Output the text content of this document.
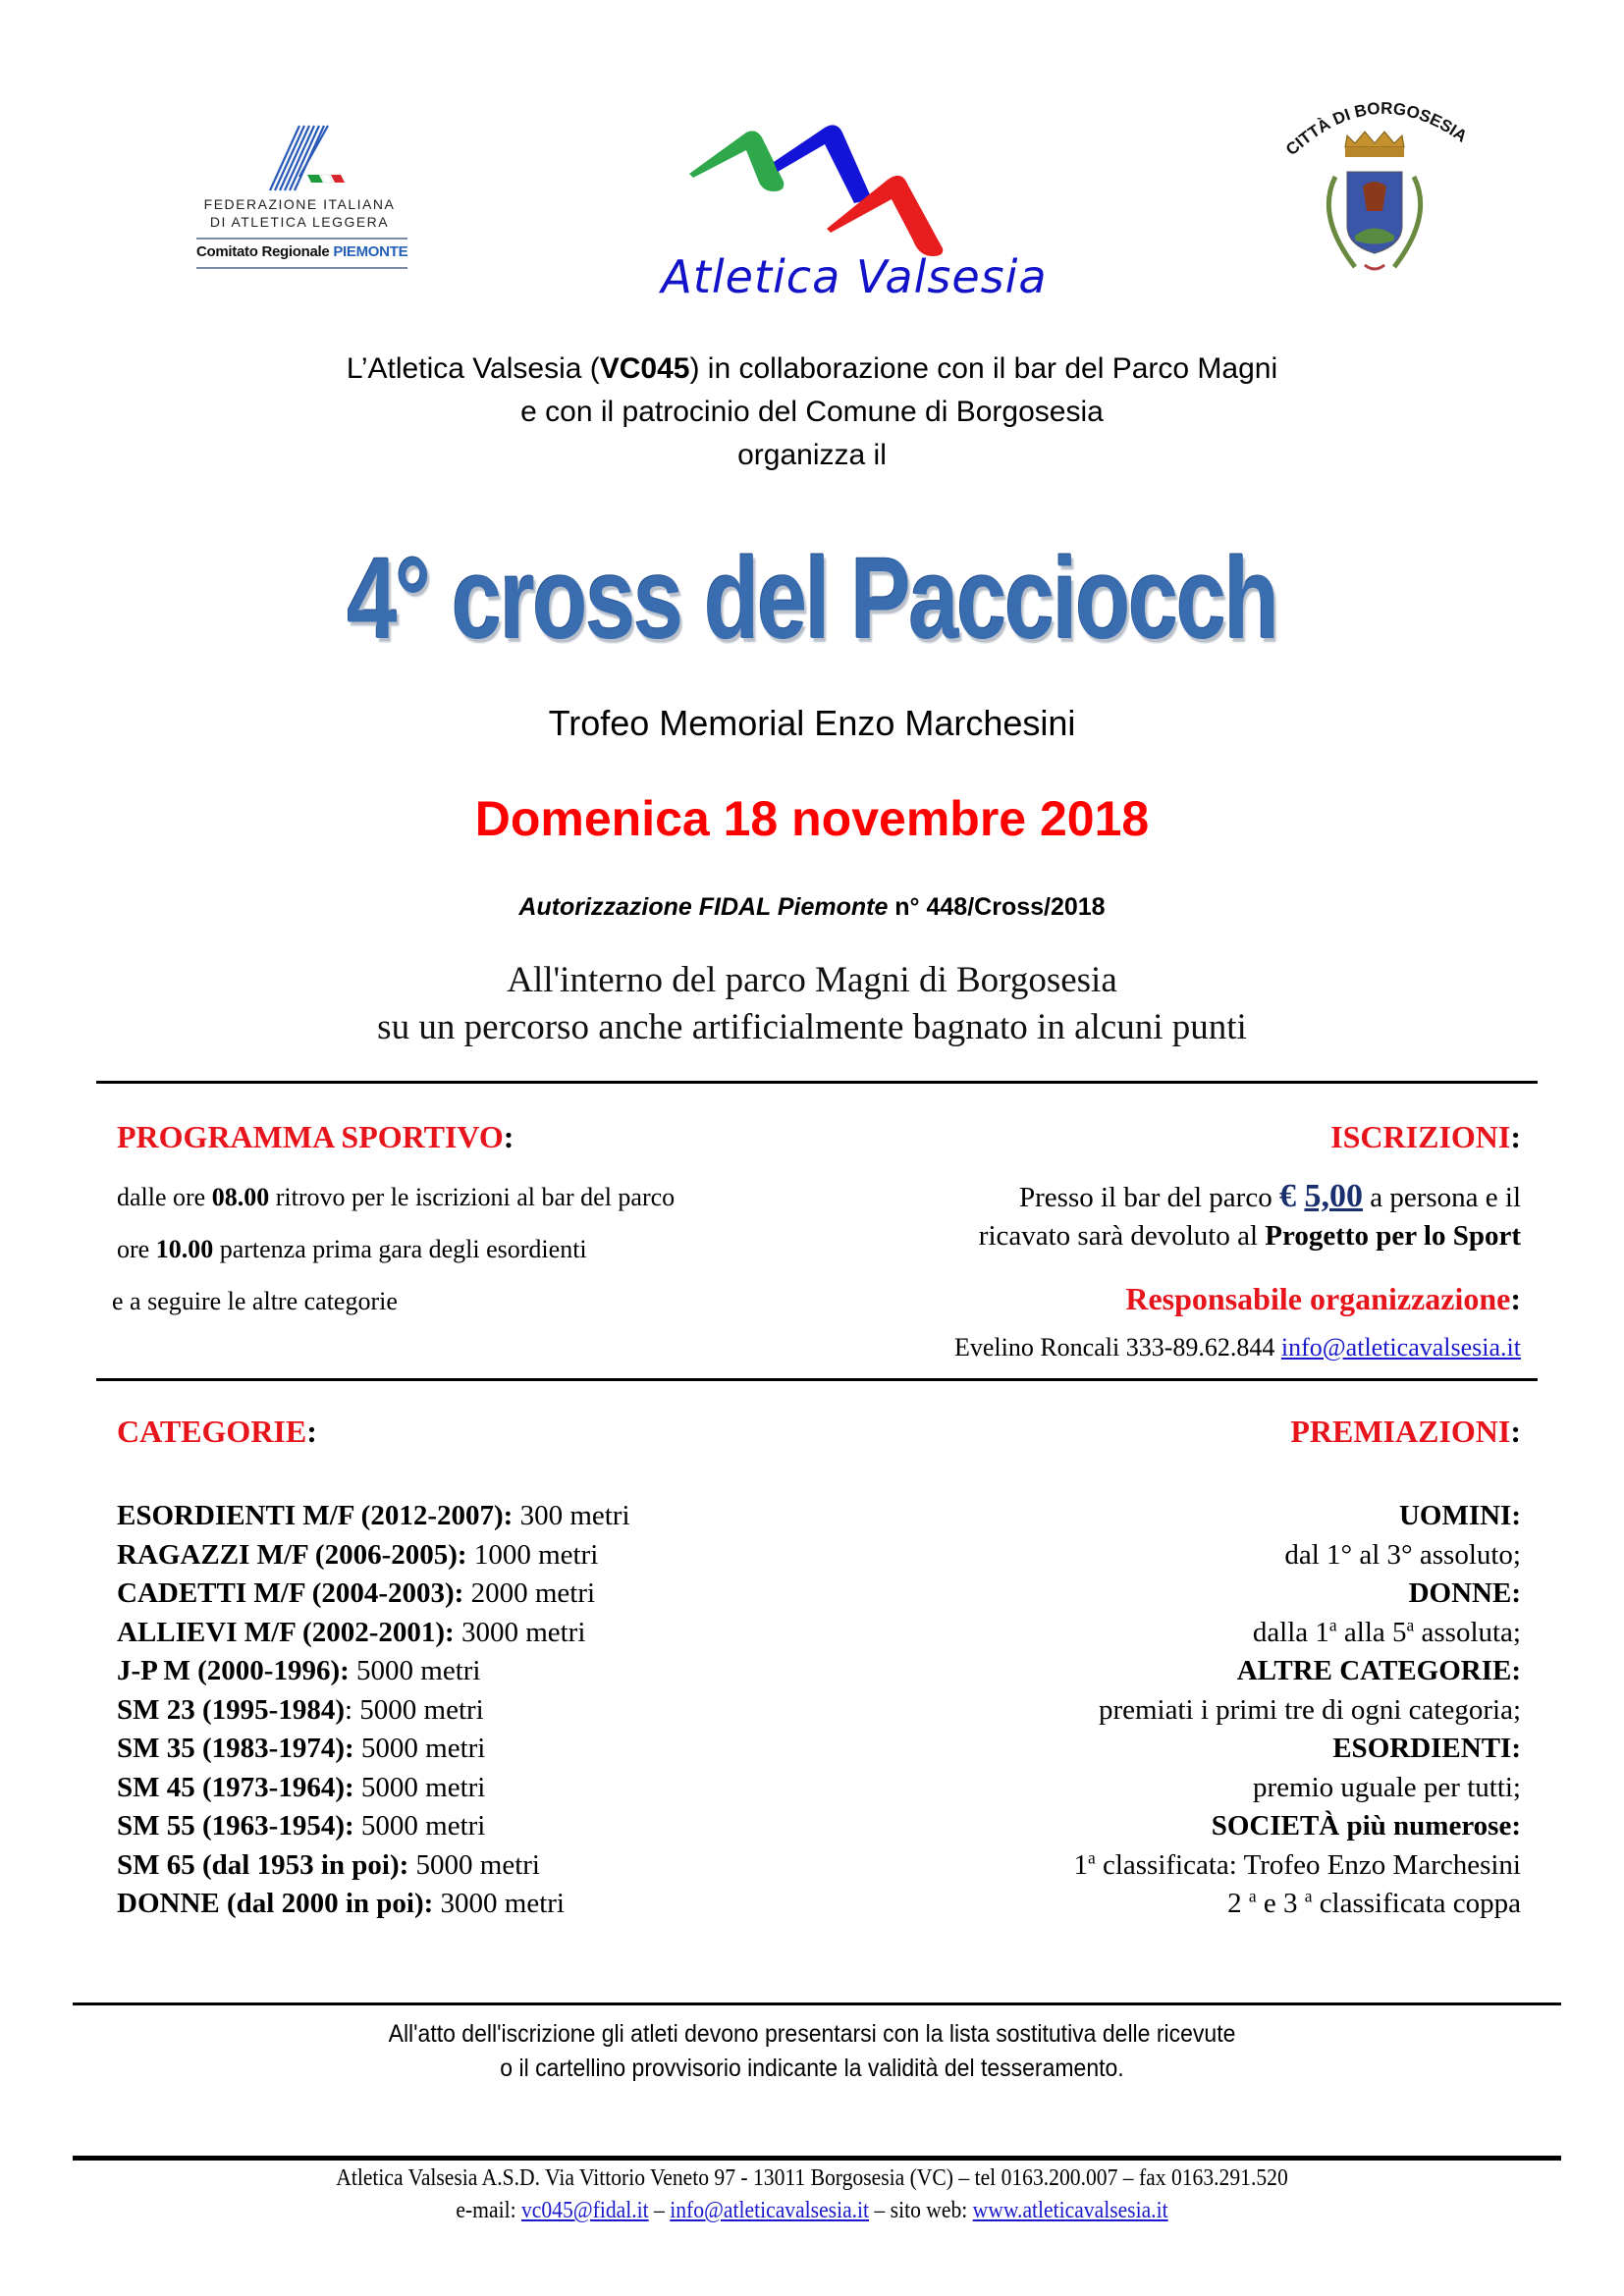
FEDERAZIONE ITALIANA
DI ATLETICA LEGGERA
Comitato Regionale PIEMONTE	Atletica Valsesia
CITTÀ DI BORGOSESIA
L’Atletica Valsesia (VC045) in collaborazione con il bar del Parco Magni
e con il patrocinio del Comune di Borgosesia
organizza il
4° cross del Pacciocch
Trofeo Memorial Enzo Marchesini
Domenica 18 novembre 2018
Autorizzazione FIDAL Piemonte n° 448/Cross/2018
All'interno del parco Magni di Borgosesia
su un percorso anche artificialmente bagnato in alcuni punti
PROGRAMMA SPORTIVO:
dalle ore 08.00 ritrovo per le iscrizioni al bar del parco
ore 10.00 partenza prima gara degli esordienti
e a seguire le altre categorie
ISCRIZIONI:
Presso il bar del parco € 5,00 a persona e il
ricavato sarà devoluto al Progetto per lo Sport
Responsabile organizzazione:
Evelino Roncali 333-89.62.844 info@atleticavalsesia.it
CATEGORIE:
ESORDIENTI M/F (2012-2007): 300 metri
RAGAZZI M/F (2006-2005): 1000 metri
CADETTI M/F (2004-2003): 2000 metri
ALLIEVI M/F (2002-2001): 3000 metri
J-P M (2000-1996): 5000 metri
SM 23 (1995-1984): 5000 metri
SM 35 (1983-1974): 5000 metri
SM 45 (1973-1964): 5000 metri
SM 55 (1963-1954): 5000 metri
SM 65 (dal 1953 in poi): 5000 metri
DONNE (dal 2000 in poi): 3000 metri
PREMIAZIONI:
UOMINI:
dal 1° al 3° assoluto;
DONNE:
dalla 1$^a$ alla 5$^a$ assoluta;
ALTRE CATEGORIE:
premiati i primi tre di ogni categoria;
ESORDIENTI:
premio uguale per tutti;
SOCIETÀ più numerose:
1$^a$ classificata: Trofeo Enzo Marchesini
2 $^a$ e 3 $^a$ classificata coppa
All'atto dell'iscrizione gli atleti devono presentarsi con la lista sostitutiva delle ricevute
o il cartellino provvisorio indicante la validità del tesseramento.
Atletica Valsesia A.S.D. Via Vittorio Veneto 97 - 13011 Borgosesia (VC) – tel 0163.200.007 – fax 0163.291.520
e-mail: vc045@fidal.it – info@atleticavalsesia.it – sito web: www.atleticavalsesia.it
